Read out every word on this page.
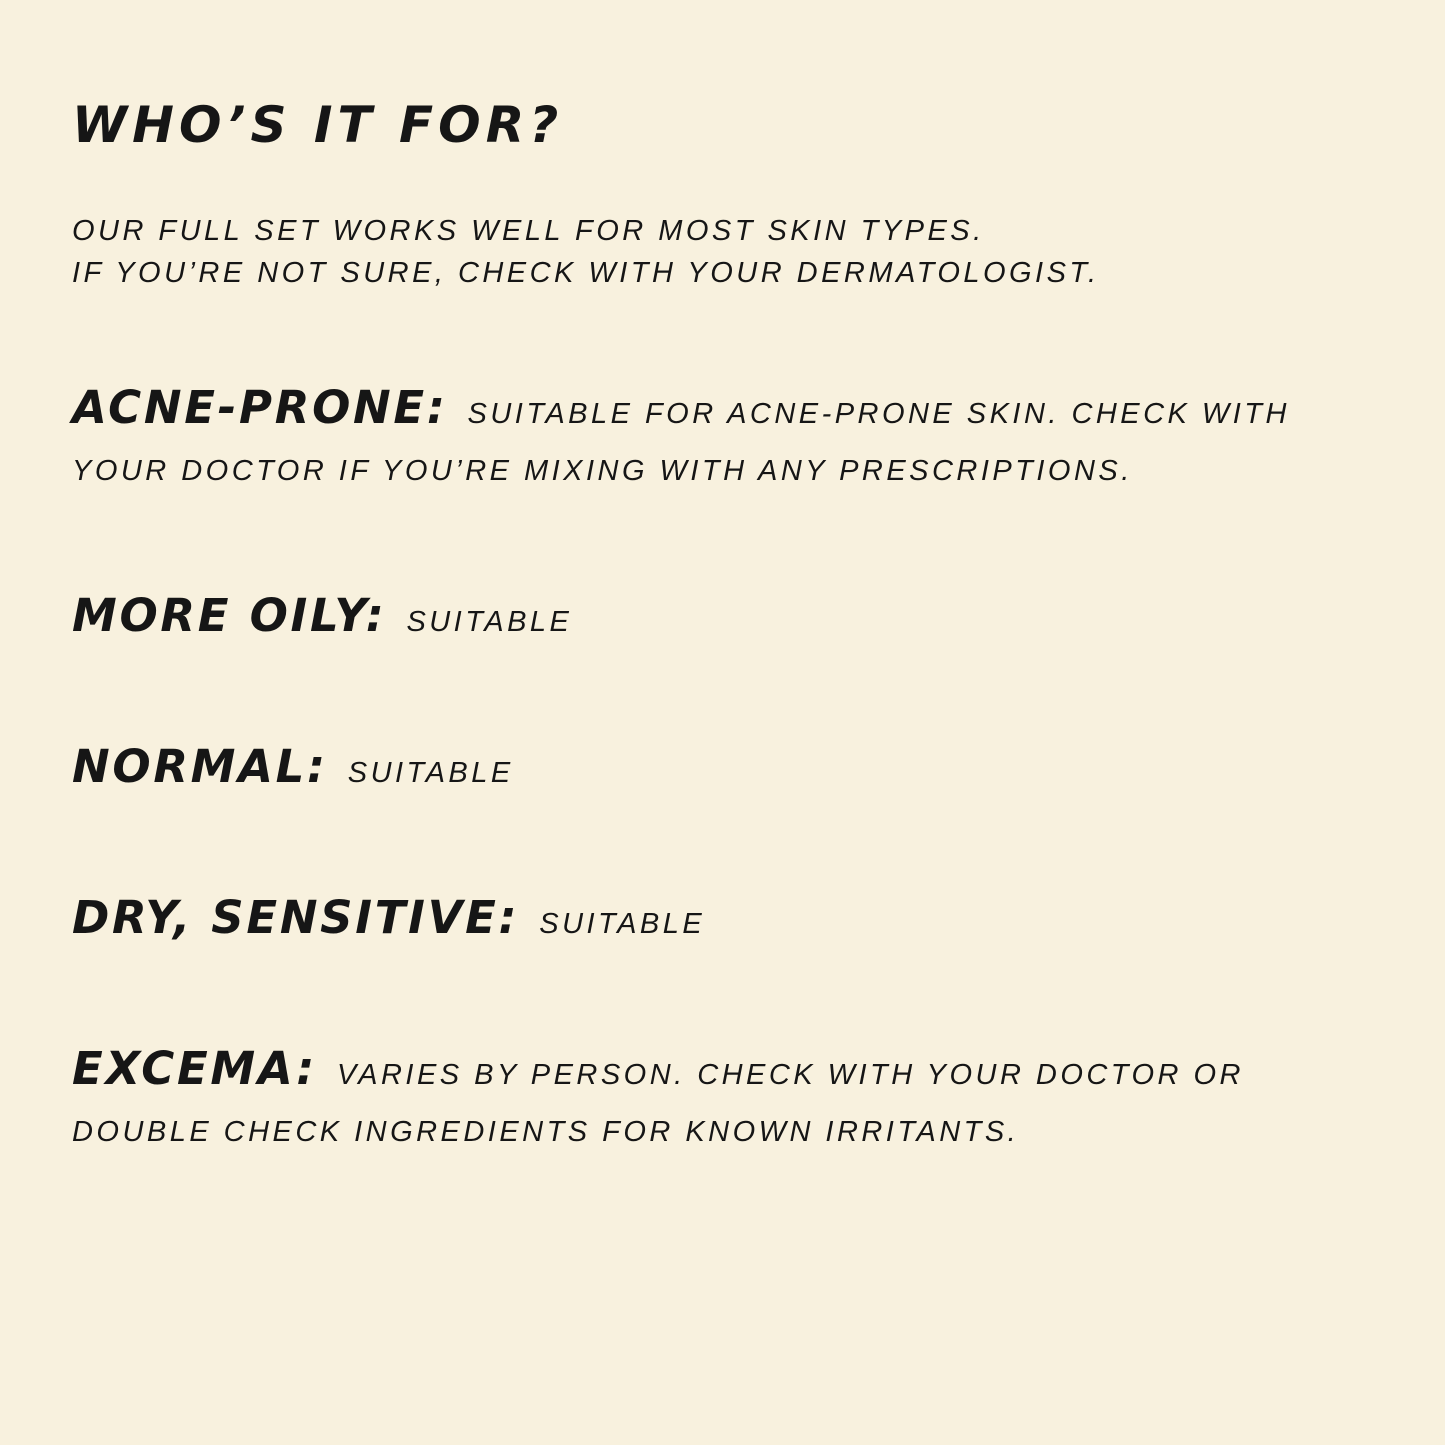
WHO’S IT FOR?
OUR FULL SET WORKS WELL FOR MOST SKIN TYPES.
IF YOU’RE NOT SURE, CHECK WITH YOUR DERMATOLOGIST.
ACNE-PRONE: SUITABLE FOR ACNE-PRONE SKIN. CHECK WITH YOUR DOCTOR IF YOU’RE MIXING WITH ANY PRESCRIPTIONS.
MORE OILY: SUITABLE
NORMAL: SUITABLE
DRY, SENSITIVE: SUITABLE
EXCEMA: VARIES BY PERSON. CHECK WITH YOUR DOCTOR OR DOUBLE CHECK INGREDIENTS FOR KNOWN IRRITANTS.
